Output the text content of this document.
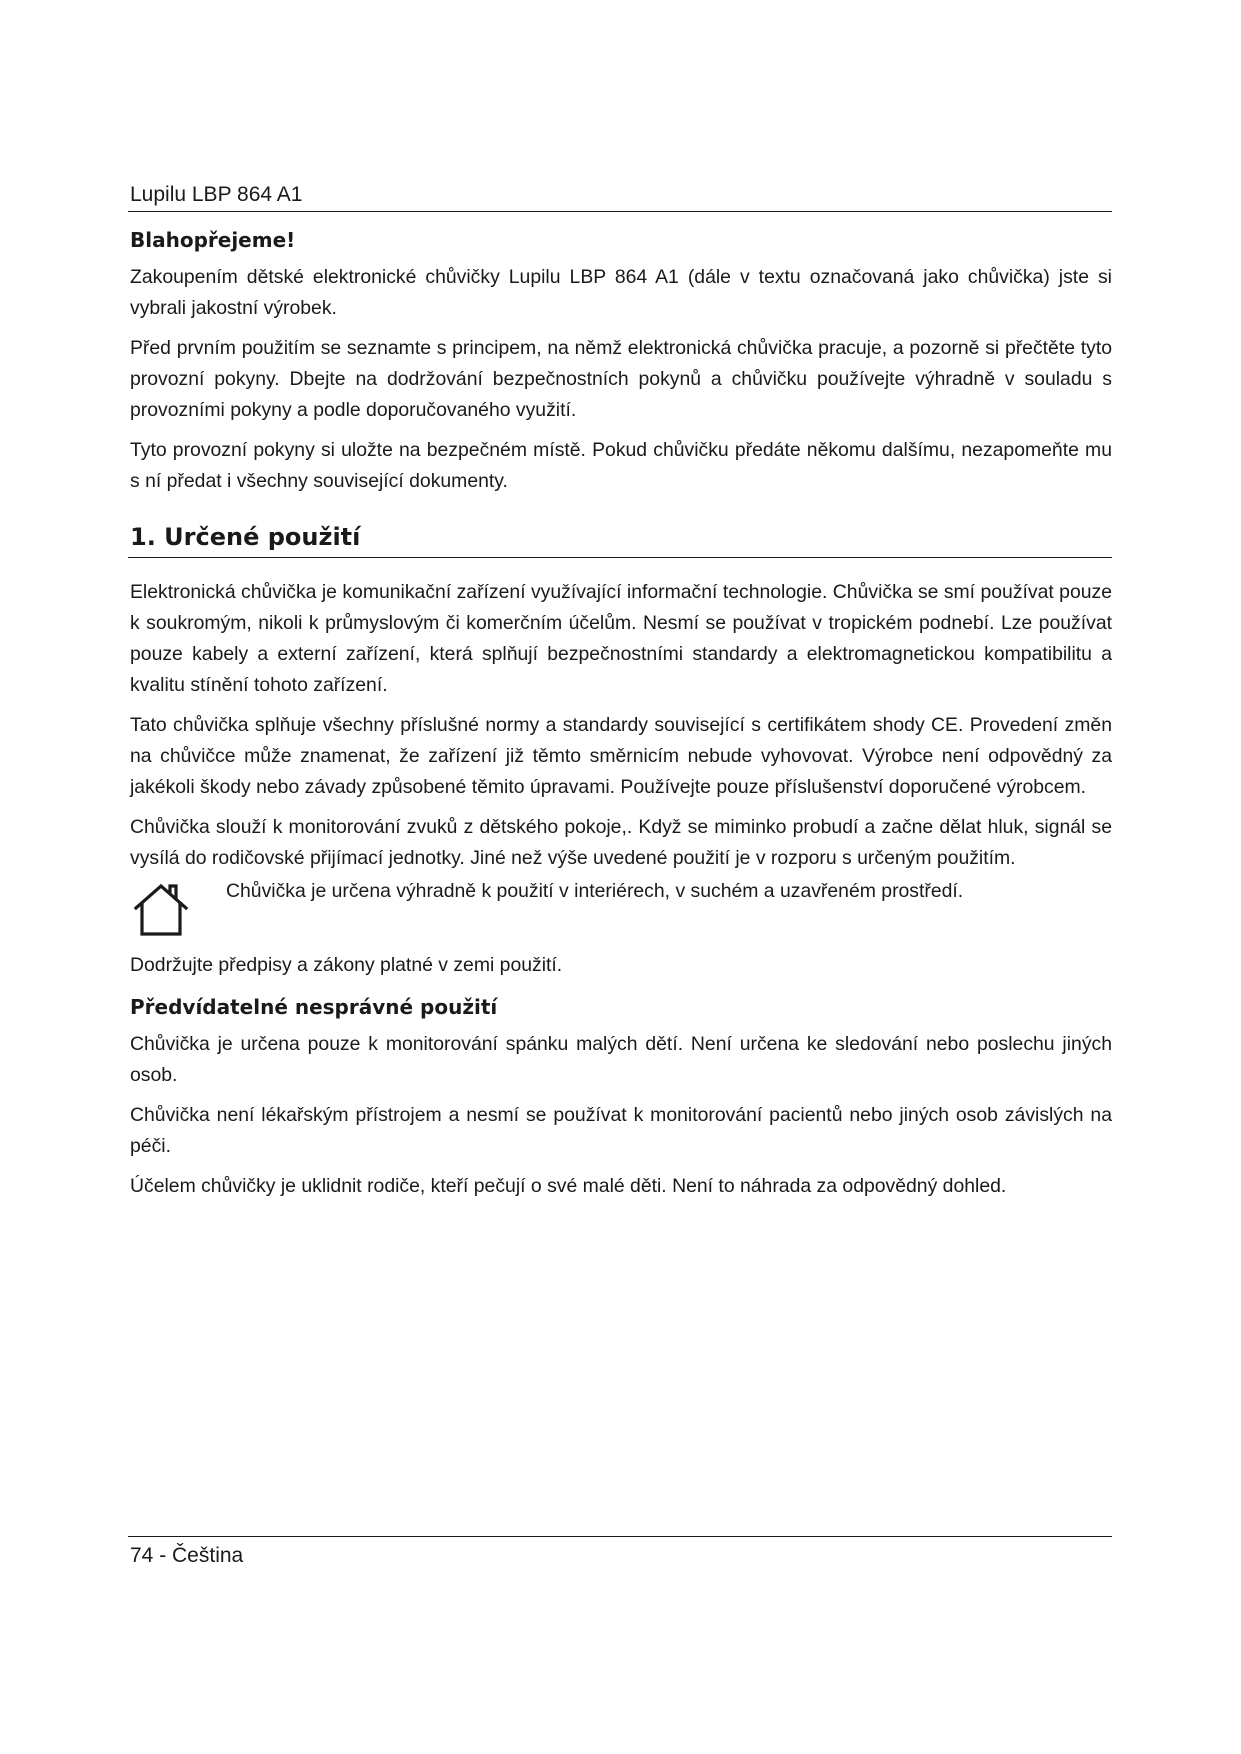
Lupilu LBP 864 A1
Blahopřejeme!

Zakoupením dětské elektronické chůvičky Lupilu LBP 864 A1 (dále v textu označovaná jako chůvička) jste si vybrali jakostní výrobek.

Před prvním použitím se seznamte s principem, na němž elektronická chůvička pracuje, a pozorně si přečtěte tyto provozní pokyny. Dbejte na dodržování bezpečnostních pokynů a chůvičku používejte výhradně v souladu s provozními pokyny a podle doporučovaného využití.

Tyto provozní pokyny si uložte na bezpečném místě. Pokud chůvičku předáte někomu dalšímu, nezapomeňte mu s ní předat i všechny související dokumenty.

1. Určené použití

Elektronická chůvička je komunikační zařízení využívající informační technologie. Chůvička se smí používat pouze k soukromým, nikoli k průmyslovým či komerčním účelům. Nesmí se používat v tropickém podnebí. Lze používat pouze kabely a externí zařízení, která splňují bezpečnostními standardy a elektromagnetickou kompatibilitu a kvalitu stínění tohoto zařízení.

Tato chůvička splňuje všechny příslušné normy a standardy související s certifikátem shody CE. Provedení změn na chůvičce může znamenat, že zařízení již těmto směrnicím nebude vyhovovat. Výrobce není odpovědný za jakékoli škody nebo závady způsobené těmito úpravami. Používejte pouze příslušenství doporučené výrobcem.

Chůvička slouží k monitorování zvuků z dětského pokoje,. Když se miminko probudí a začne dělat hluk, signál se vysílá do rodičovské přijímací jednotky. Jiné než výše uvedené použití je v rozporu s určeným použitím.

Chůvička je určena výhradně k použití v interiérech, v suchém a uzavřeném prostředí.

Dodržujte předpisy a zákony platné v zemi použití.

Předvídatelné nesprávné použití

Chůvička je určena pouze k monitorování spánku malých dětí. Není určena ke sledování nebo poslechu jiných osob.

Chůvička není lékařským přístrojem a nesmí se používat k monitorování pacientů nebo jiných osob závislých na péči.

Účelem chůvičky je uklidnit rodiče, kteří pečují o své malé děti. Není to náhrada za odpovědný dohled.

74 - Čeština
